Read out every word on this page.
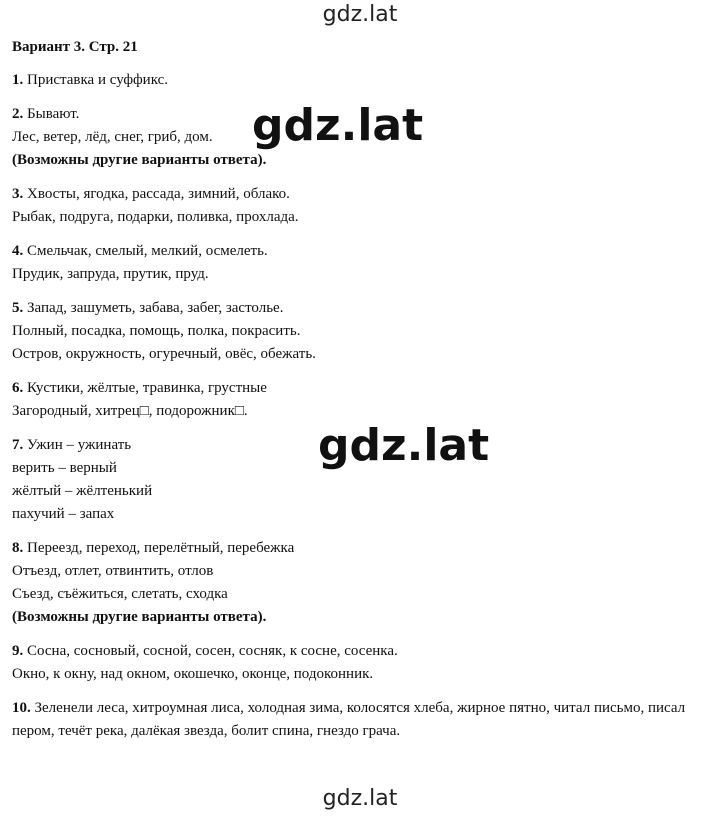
gdz.lat
gdz.lat
gdz.lat
gdz.lat
Вариант 3. Стр. 21
1. Приставка и суффикс.
2. Бывают.
Лес, ветер, лёд, снег, гриб, дом.
(Возможны другие варианты ответа).
3. Хвосты, ягодка, рассада, зимний, облако.
Рыбак, подруга, подарки, поливка, прохлада.
4. Смельчак, смелый, мелкий, осмелеть.
Прудик, запруда, прутик, пруд.
5. Запад, зашуметь, забава, забег, застолье.
Полный, посадка, помощь, полка, покрасить.
Остров, окружность, огуречный, овёс, обежать.
6. Кустики, жёлтые, травинка, грустные
Загородный, хитрец□, подорожник□.
7. Ужин – ужинать
верить – верный
жёлтый – жёлтенький
пахучий – запах
8. Переезд, переход, перелётный, перебежка
Отъезд, отлет, отвинтить, отлов
Съезд, съёжиться, слетать, сходка
(Возможны другие варианты ответа).
9. Сосна, сосновый, сосной, сосен, сосняк, к сосне, сосенка.
Окно, к окну, над окном, окошечко, оконце, подоконник.
10. Зеленели леса, хитроумная лиса, холодная зима, колосятся хлеба, жирное пятно, читал письмо, писал пером, течёт река, далёкая звезда, болит спина, гнездо грача.
